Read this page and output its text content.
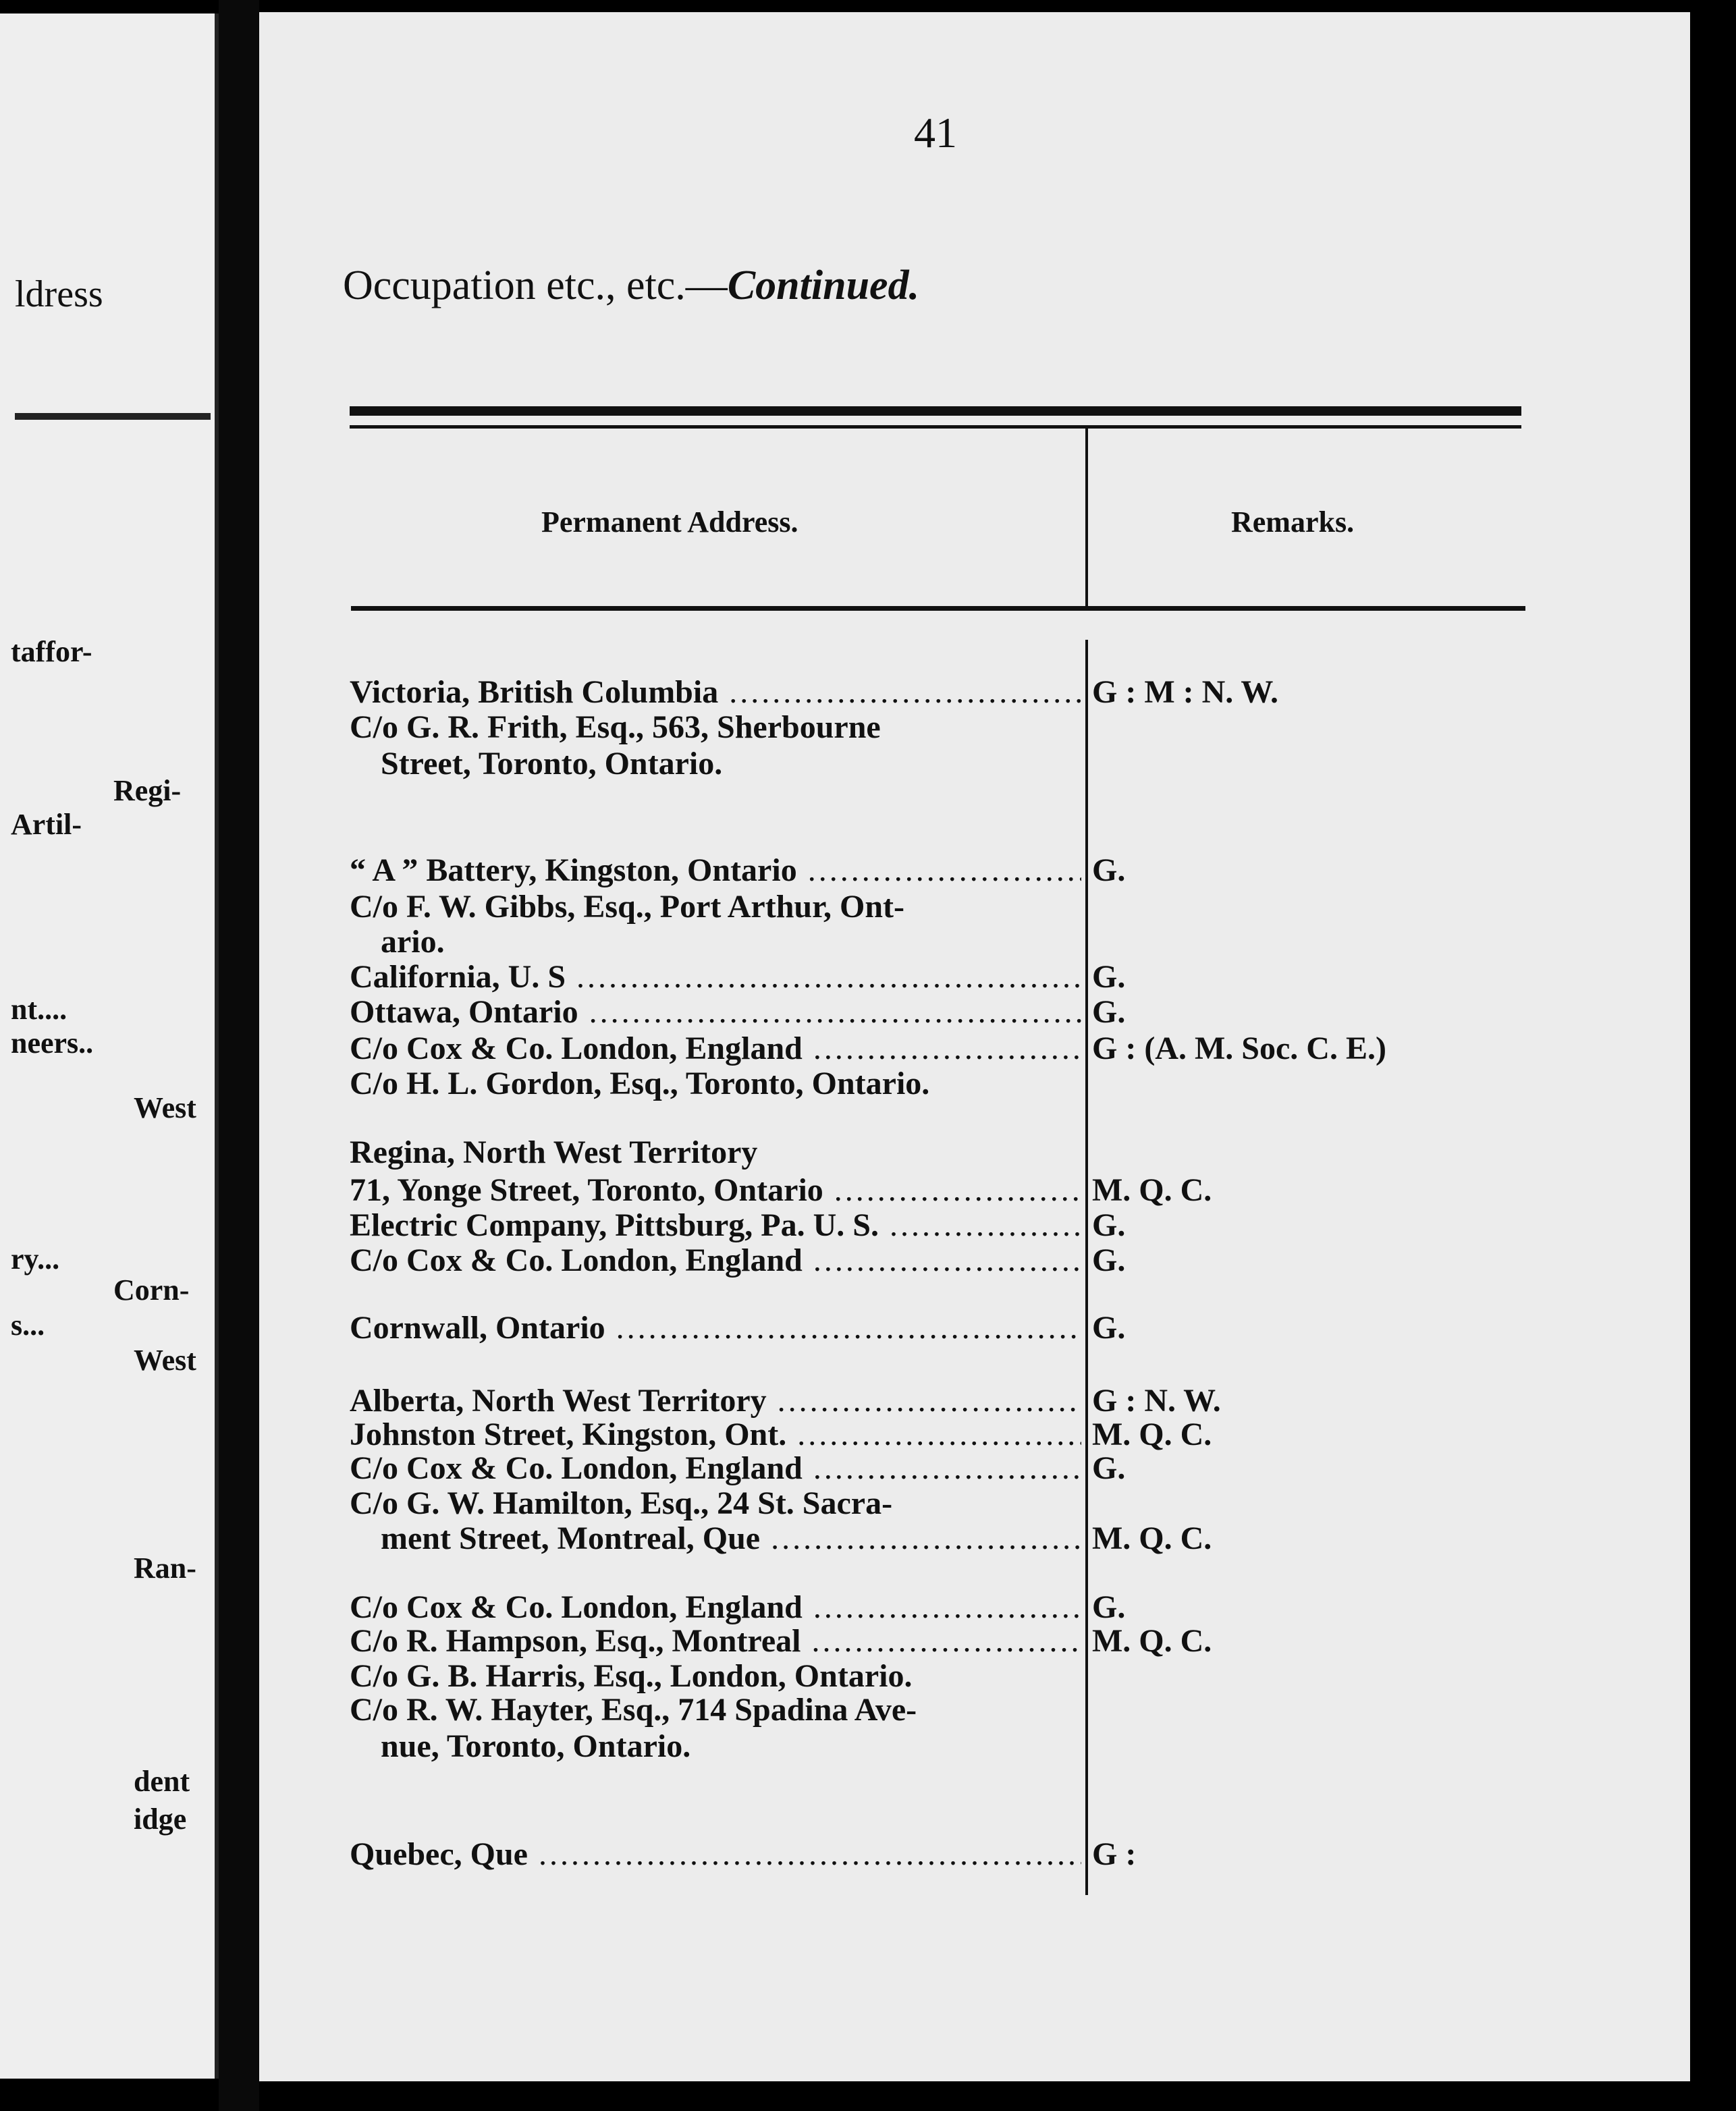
ldress
taffor-
Regi-
Artil-
nt....
neers..
West
ry...
Corn-
s...
West
Ran-
dent
idge
41
Occupation etc., etc.—Continued.
Permanent Address.	Remarks.
Victoria, British Columbia .....	G : M : N. W.
C/o G. R. Frith, Esq., 563, Sherbourne
Street, Toronto, Ontario.
“ A ” Battery, Kingston, Ontario .....	G.
C/o F. W. Gibbs, Esq., Port Arthur, Ont-
ario.
California, U. S .....	G.
Ottawa, Ontario .....	G.
C/o Cox & Co. London, England .....	G : (A. M. Soc. C. E.)
C/o H. L. Gordon, Esq., Toronto, Ontario.
Regina, North West Territory
71, Yonge Street, Toronto, Ontario .....	M. Q. C.
Electric Company, Pittsburg, Pa. U. S. .....	G.
C/o Cox & Co. London, England .....	G.
Cornwall, Ontario .....	G.
Alberta, North West Territory .....	G : N. W.
Johnston Street, Kingston, Ont. .....	M. Q. C.
C/o Cox & Co. London, England .....	G.
C/o G. W. Hamilton, Esq., 24 St. Sacra-
ment Street, Montreal, Que .....	M. Q. C.
C/o Cox & Co. London, England .....	G.
C/o R. Hampson, Esq., Montreal .....	M. Q. C.
C/o G. B. Harris, Esq., London, Ontario.
C/o R. W. Hayter, Esq., 714 Spadina Ave-
nue, Toronto, Ontario.
Quebec, Que .....	G :
